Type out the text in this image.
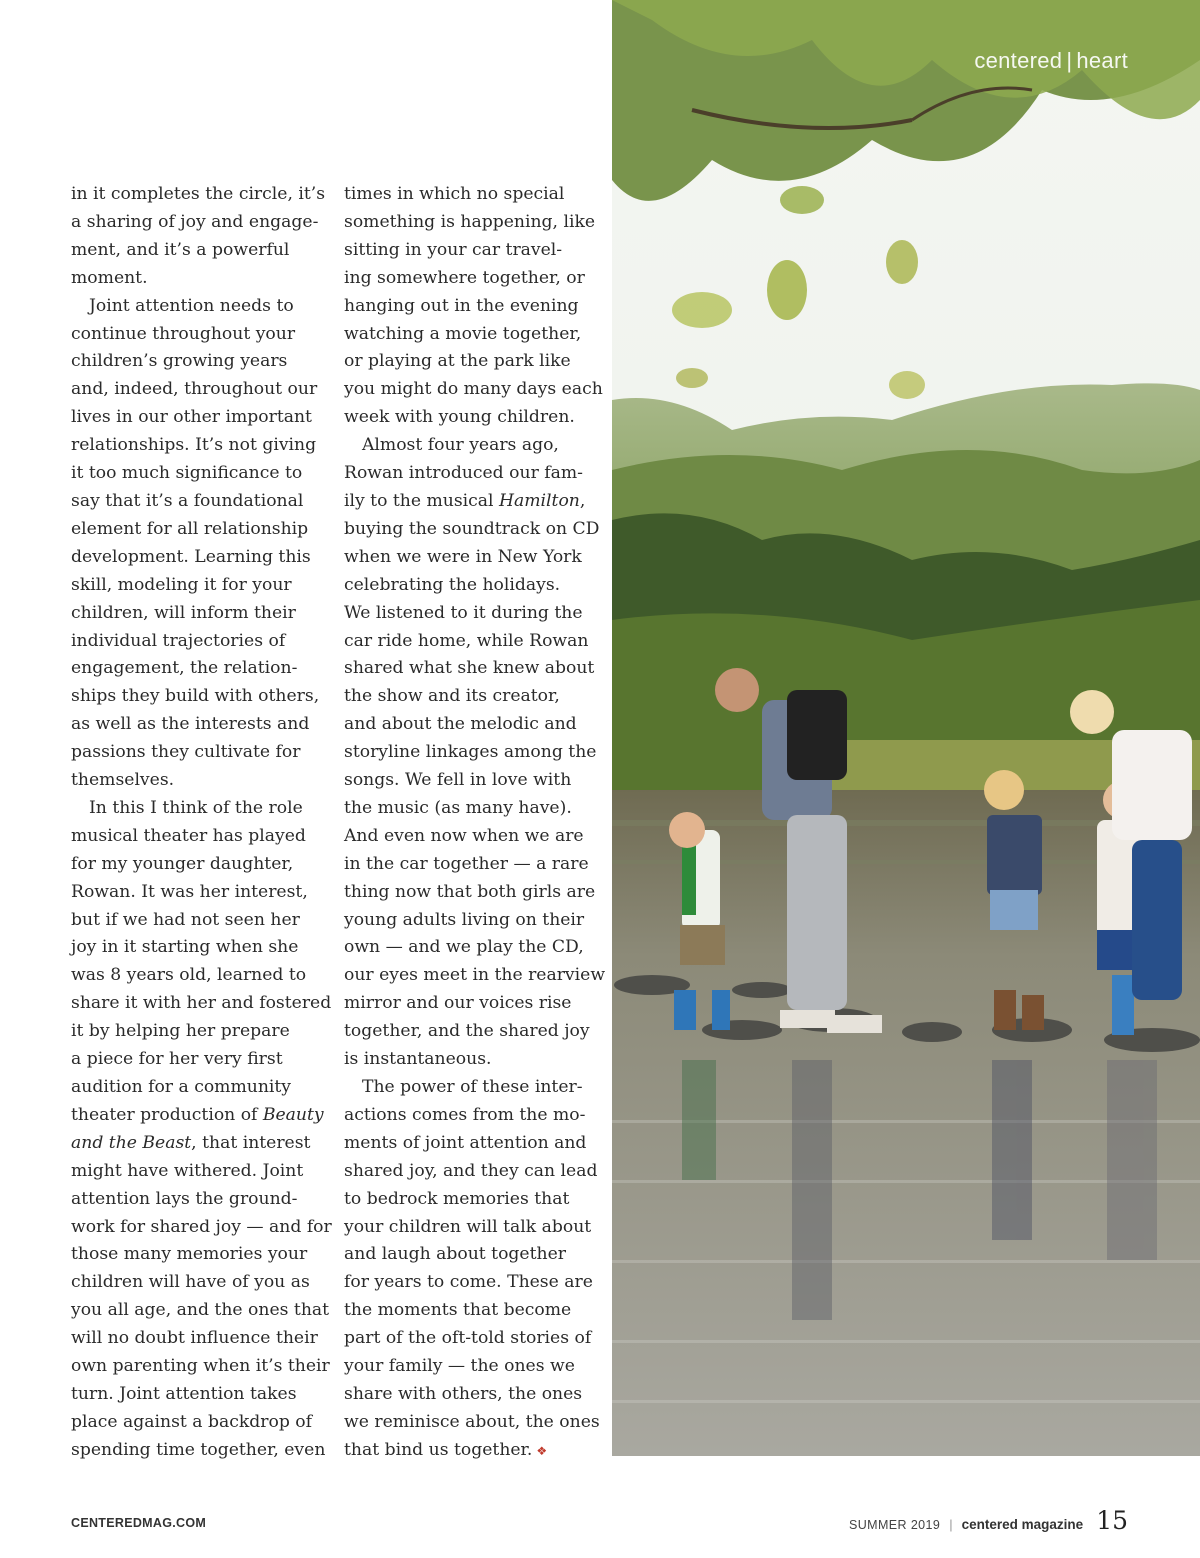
in it completes the circle, it’s
a sharing of joy and engage-
ment, and it’s a powerful
moment.
Joint attention needs to
continue throughout your
children’s growing years
and, indeed, throughout our
lives in our other important
relationships. It’s not giving
it too much significance to
say that it’s a foundational
element for all relationship
development. Learning this
skill, modeling it for your
children, will inform their
individual trajectories of
engagement, the relation-
ships they build with others,
as well as the interests and
passions they cultivate for
themselves.
In this I think of the role
musical theater has played
for my younger daughter,
Rowan. It was her interest,
but if we had not seen her
joy in it starting when she
was 8 years old, learned to
share it with her and fostered
it by helping her prepare
a piece for her very first
audition for a community
theater production of Beauty
and the Beast, that interest
might have withered. Joint
attention lays the ground-
work for shared joy — and for
those many memories your
children will have of you as
you all age, and the ones that
will no doubt influence their
own parenting when it’s their
turn. Joint attention takes
place against a backdrop of
spending time together, even
times in which no special
something is happening, like
sitting in your car travel-
ing somewhere together, or
hanging out in the evening
watching a movie together,
or playing at the park like
you might do many days each
week with young children.
Almost four years ago,
Rowan introduced our fam-
ily to the musical Hamilton,
buying the soundtrack on CD
when we were in New York
celebrating the holidays.
We listened to it during the
car ride home, while Rowan
shared what she knew about
the show and its creator,
and about the melodic and
storyline linkages among the
songs. We fell in love with
the music (as many have).
And even now when we are
in the car together — a rare
thing now that both girls are
young adults living on their
own — and we play the CD,
our eyes meet in the rearview
mirror and our voices rise
together, and the shared joy
is instantaneous.
The power of these inter-
actions comes from the mo-
ments of joint attention and
shared joy, and they can lead
to bedrock memories that
your children will talk about
and laugh about together
for years to come. These are
the moments that become
part of the oft-told stories of
your family — the ones we
share with others, the ones
we reminisce about, the ones
that bind us together. ❖
centered | heart
CENTEREDMAG.COM	SUMMER 2019 | centered magazine 15
